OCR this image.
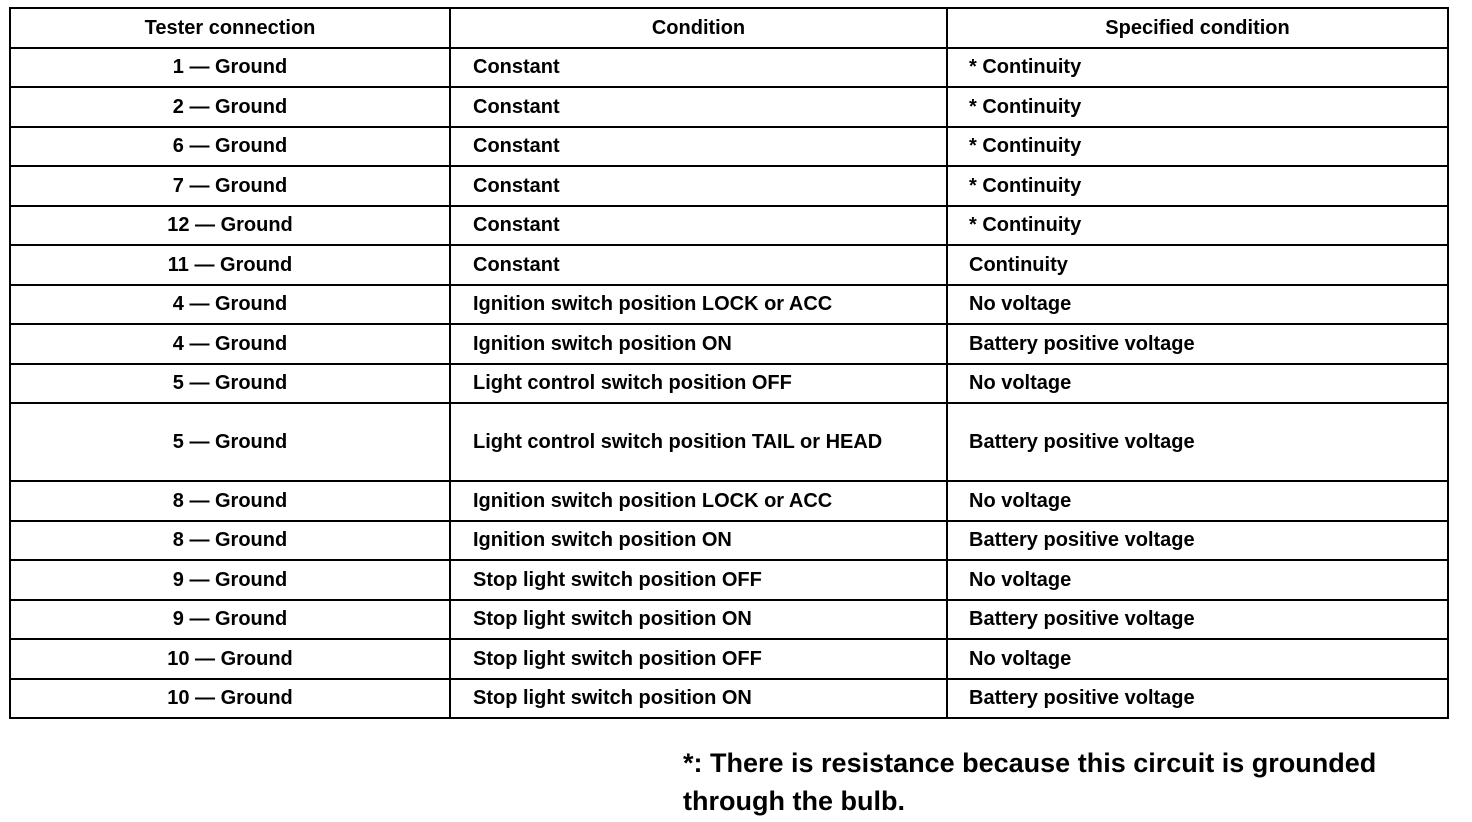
Tester connection	Condition	Specified condition
1 — Ground	Constant	* Continuity
2 — Ground	Constant	* Continuity
6 — Ground	Constant	* Continuity
7 — Ground	Constant	* Continuity
12 — Ground	Constant	* Continuity
11 — Ground	Constant	Continuity
4 — Ground	Ignition switch position LOCK or ACC	No voltage
4 — Ground	Ignition switch position ON	Battery positive voltage
5 — Ground	Light control switch position OFF	No voltage
5 — Ground	Light control switch position TAIL or HEAD	Battery positive voltage
8 — Ground	Ignition switch position LOCK or ACC	No voltage
8 — Ground	Ignition switch position ON	Battery positive voltage
9 — Ground	Stop light switch position OFF	No voltage
9 — Ground	Stop light switch position ON	Battery positive voltage
10 — Ground	Stop light switch position OFF	No voltage
10 — Ground	Stop light switch position ON	Battery positive voltage
*: There is resistance because this circuit is grounded through the bulb.
